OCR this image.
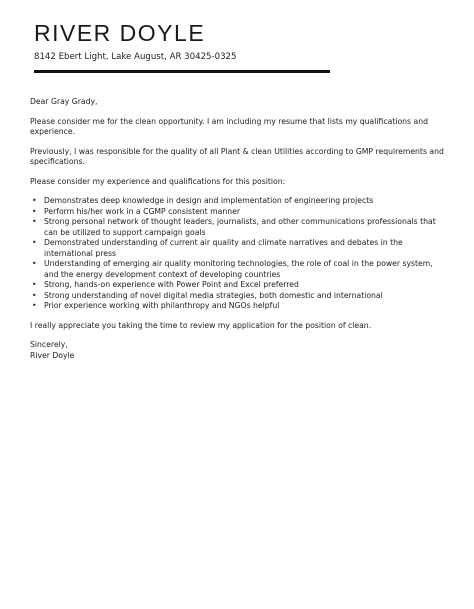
RIVER DOYLE
8142 Ebert Light, Lake August, AR 30425-0325

Dear Gray Grady,

Please consider me for the clean opportunity. I am including my resume that lists my qualifications and experience.

Previously, I was responsible for the quality of all Plant & clean Utilities according to GMP requirements and specifications.

Please consider my experience and qualifications for this position:

• Demonstrates deep knowledge in design and implementation of engineering projects
• Perform his/her work in a CGMP consistent manner
• Strong personal network of thought leaders, journalists, and other communications professionals that can be utilized to support campaign goals
• Demonstrated understanding of current air quality and climate narratives and debates in the international press
• Understanding of emerging air quality monitoring technologies, the role of coal in the power system, and the energy development context of developing countries
• Strong, hands-on experience with Power Point and Excel preferred
• Strong understanding of novel digital media strategies, both domestic and international
• Prior experience working with philanthropy and NGOs helpful

I really appreciate you taking the time to review my application for the position of clean.

Sincerely,

River Doyle
